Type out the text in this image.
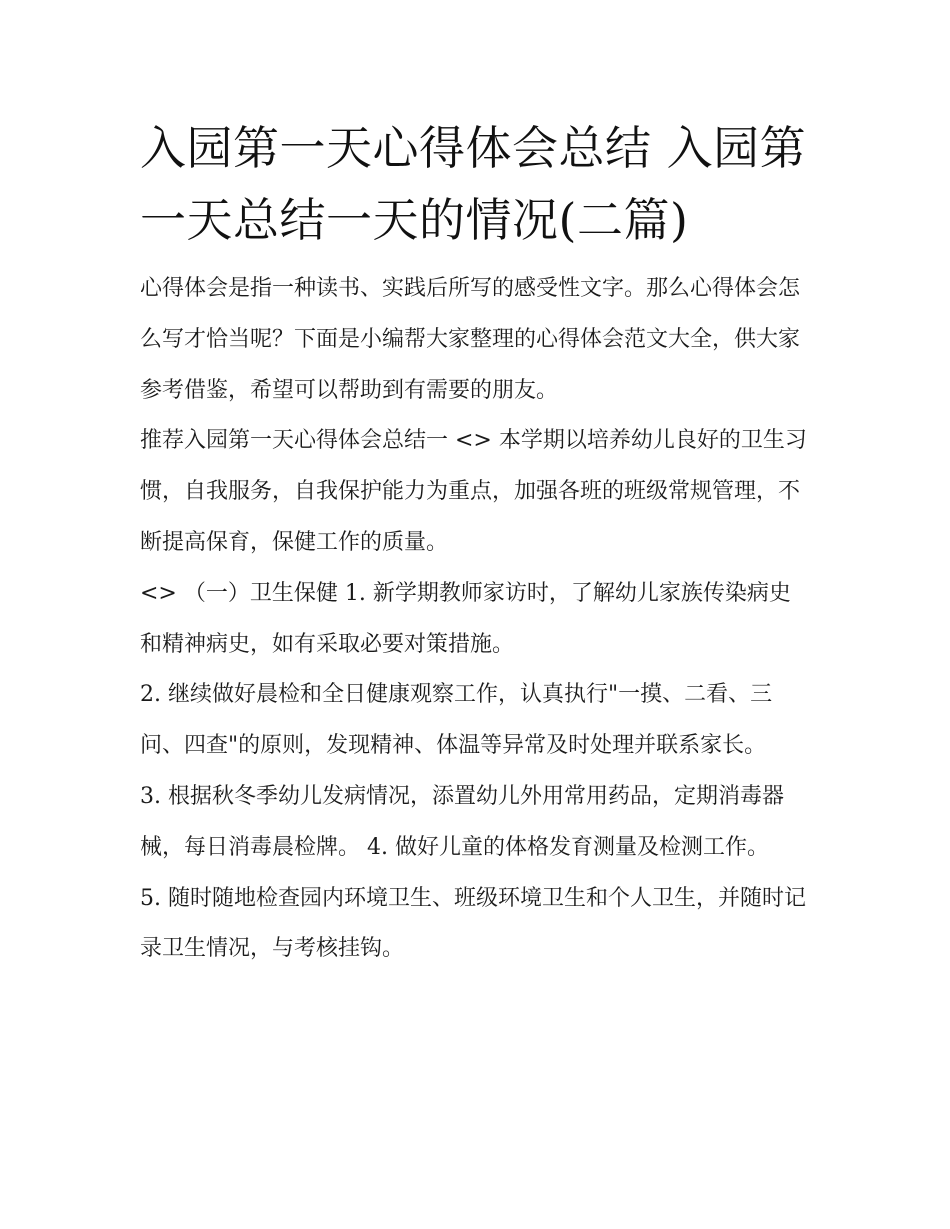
入园第一天心得体会总结 入园第一天总结一天的情况(二篇)

心得体会是指一种读书、实践后所写的感受性文字。那么心得体会怎么写才恰当呢？下面是小编帮大家整理的心得体会范文大全，供大家参考借鉴，希望可以帮助到有需要的朋友。

推荐入园第一天心得体会总结一 <> 本学期以培养幼儿良好的卫生习惯，自我服务，自我保护能力为重点，加强各班的班级常规管理，不断提高保育，保健工作的质量。

<> （一）卫生保健 1. 新学期教师家访时，了解幼儿家族传染病史和精神病史，如有采取必要对策措施。

2. 继续做好晨检和全日健康观察工作，认真执行"一摸、二看、三问、四查"的原则，发现精神、体温等异常及时处理并联系家长。

3. 根据秋冬季幼儿发病情况，添置幼儿外用常用药品，定期消毒器械，每日消毒晨检牌。 4. 做好儿童的体格发育测量及检测工作。

5. 随时随地检查园内环境卫生、班级环境卫生和个人卫生，并随时记录卫生情况，与考核挂钩。
